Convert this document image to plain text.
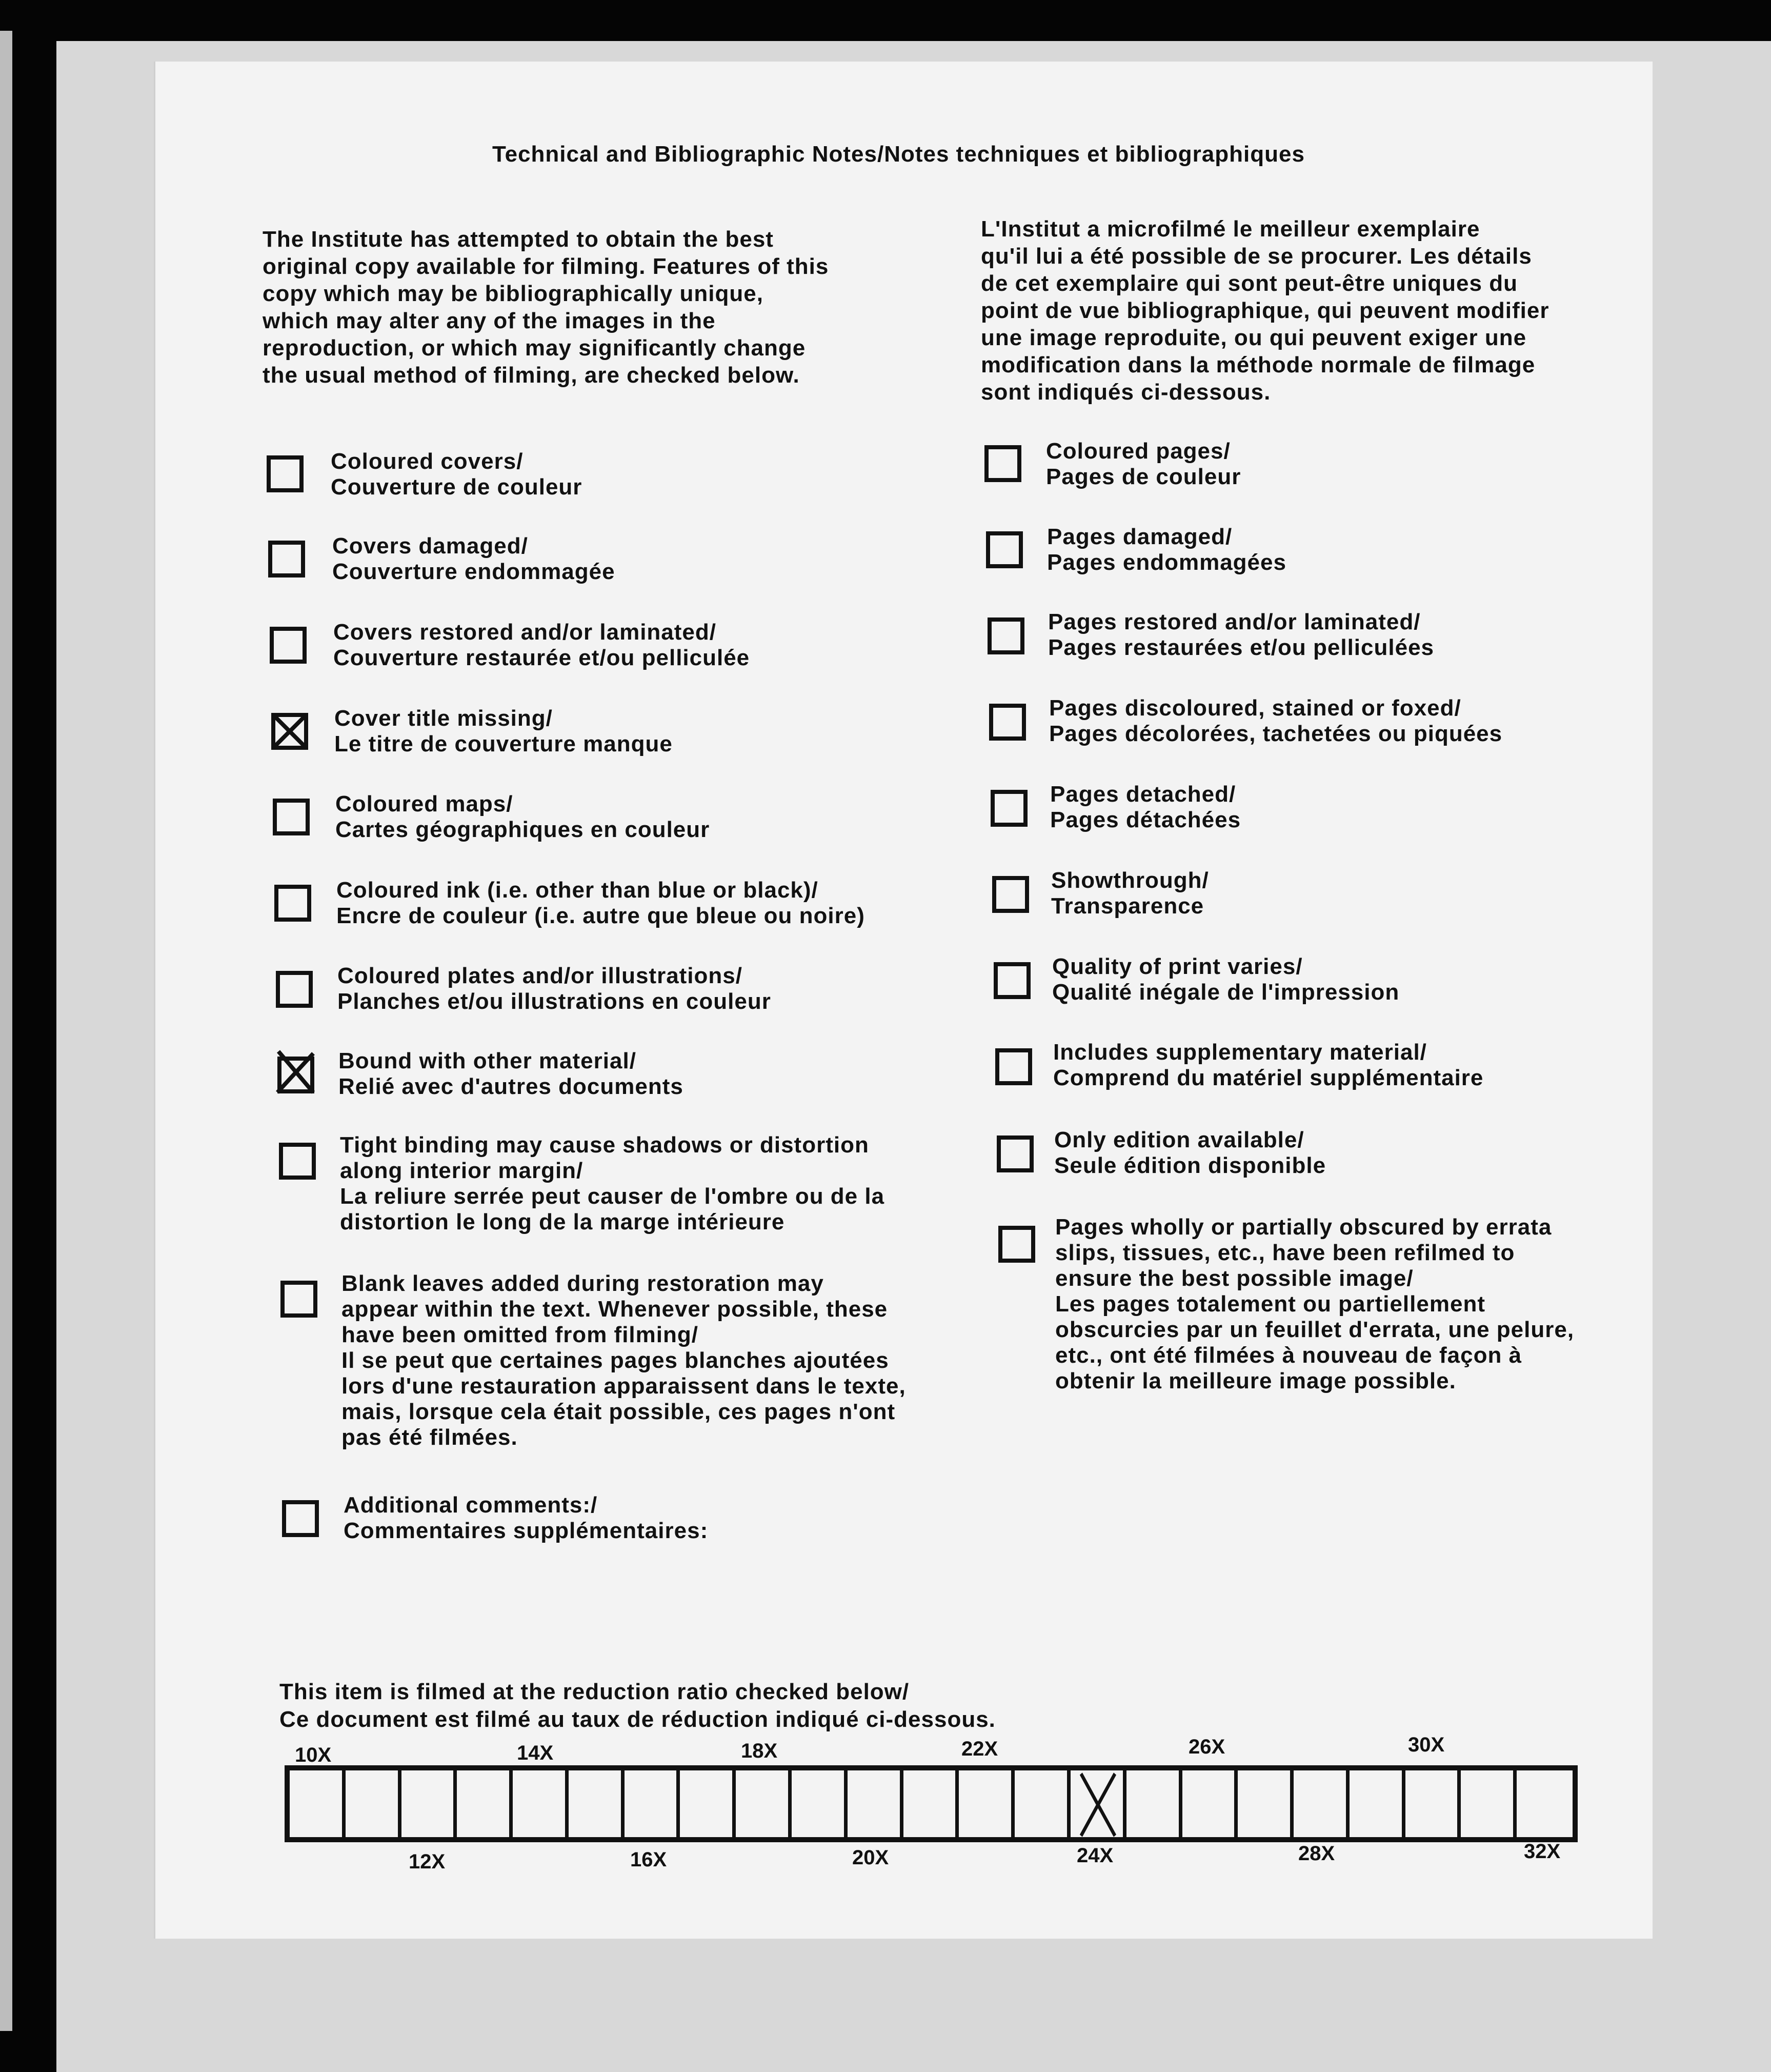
Technical and Bibliographic Notes/Notes techniques et bibliographiques
The Institute has attempted to obtain the best
original copy available for filming. Features of this
copy which may be bibliographically unique,
which may alter any of the images in the
reproduction, or which may significantly change
the usual method of filming, are checked below.
L'Institut a microfilmé le meilleur exemplaire
qu'il lui a été possible de se procurer. Les détails
de cet exemplaire qui sont peut-être uniques du
point de vue bibliographique, qui peuvent modifier
une image reproduite, ou qui peuvent exiger une
modification dans la méthode normale de filmage
sont indiqués ci-dessous.
Coloured covers/
Couverture de couleur
Covers damaged/
Couverture endommagée
Covers restored and/or laminated/
Couverture restaurée et/ou pelliculée
Cover title missing/
Le titre de couverture manque
Coloured maps/
Cartes géographiques en couleur
Coloured ink (i.e. other than blue or black)/
Encre de couleur (i.e. autre que bleue ou noire)
Coloured plates and/or illustrations/
Planches et/ou illustrations en couleur
Bound with other material/
Relié avec d'autres documents
Tight binding may cause shadows or distortion
along interior margin/
La reliure serrée peut causer de l'ombre ou de la
distortion le long de la marge intérieure
Blank leaves added during restoration may
appear within the text. Whenever possible, these
have been omitted from filming/
Il se peut que certaines pages blanches ajoutées
lors d'une restauration apparaissent dans le texte,
mais, lorsque cela était possible, ces pages n'ont
pas été filmées.
Additional comments:/
Commentaires supplémentaires:
Coloured pages/
Pages de couleur
Pages damaged/
Pages endommagées
Pages restored and/or laminated/
Pages restaurées et/ou pelliculées
Pages discoloured, stained or foxed/
Pages décolorées, tachetées ou piquées
Pages detached/
Pages détachées
Showthrough/
Transparence
Quality of print varies/
Qualité inégale de l'impression
Includes supplementary material/
Comprend du matériel supplémentaire
Only edition available/
Seule édition disponible
Pages wholly or partially obscured by errata
slips, tissues, etc., have been refilmed to
ensure the best possible image/
Les pages totalement ou partiellement
obscurcies par un feuillet d'errata, une pelure,
etc., ont été filmées à nouveau de façon à
obtenir la meilleure image possible.
This item is filmed at the reduction ratio checked below/
Ce document est filmé au taux de réduction indiqué ci-dessous.
10X	14X	18X	22X	26X	30X
12X	16X	20X	24X	28X	32X
